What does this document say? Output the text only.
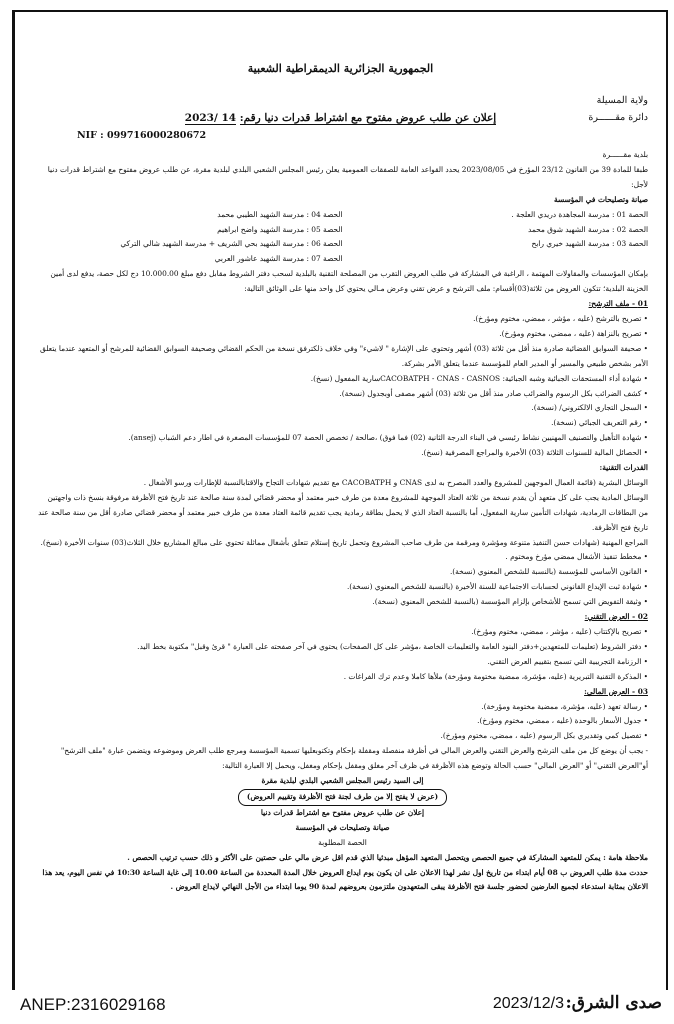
الجمهورية الجزائرية الديمقراطية الشعبية
ولاية المسيلة
دائرة مقــــــرة
إعلان عن طلب عروض مفتوح مع اشتراط قدرات دنيا رقم: 14 /2023
NIF : 099716000280672

بلدية مقــــــرة

طبقا للمادة 39 من القانون 23/12 المؤرخ في 2023/08/05 يحدد القواعد العامة للصفقات العمومية يعلن رئيس المجلس الشعبي البلدي لبلدية مقرة، عن طلب عروض مفتوح مع اشتراط قدرات دنيا لأجل:

صيانة وتصليحات في المؤسسة

الحصة 01 : مدرسة المجاهدة دريدي العلجة .
الحصة 04 : مدرسة الشهيد الطيبي محمد
الحصة 02 : مدرسة الشهيد شوق محمد
الحصة 05 : مدرسة الشهيد واضح ابراهيم
الحصة 03 : مدرسة الشهيد خيري رابح
الحصة 06 : مدرسة الشهيد بحي الشريف + مدرسة الشهيد شالي التركي
الحصة 07 : مدرسة الشهيد عاشور العربي

بإمكان المؤسسات والمقاولات المهتمة ، الراغبة في المشاركة في طلب العروض التقرب من المصلحة التقنية بالبلدية لسحب دفتر الشروط مقابل دفع مبلغ 10.000.00 دج لكل حصة، يدفع لدى أمين الخزينة البلدية؛ تتكون العروض من ثلاثة(03)أقسام: ملف الترشح و عرض تقني وعرض مـالي يحتوي كل واحد منها على الوثائق التالية:

01 - ملف الترشح:

• تصريح بالترشح (عليه ، مؤشر ، ممضي، مختوم ومؤرخ).

• تصريح بالنزاهة (عليه ، ممضي، مختوم ومؤرخ).

• صحيفة السوابق القضائية صادرة منذ أقل من ثلاثة (03) أشهر وتحتوي على الإشارة " لاشيء" وفي خلاف ذلكترفق نسخة من الحكم القضائي وصحيفة السوابق القضائية للمرشح أو المتعهد عندما يتعلق الأمر بشخص طبيعي والمسير أو المدير العام للمؤسسة عندما يتعلق الأمر بشركة.

• شهادة أداء المستحقات الجبائية وشبه الجبائية: CACOBATPH - CNAS - CASNOSسارية المفعول (نسخ).

• كشف الضرائب بكل الرسوم والضرائب صادر منذ أقل من ثلاثة (03) أشهر مصفى أوبجدول (نسخة).

• السجل التجاري الالكتروني/ (نسخة).

• رقم التعريف الجبائي (نسخة).

• شهادة التأهيل والتصنيف المهنيين نشاط رئيسي في البناء الدرجة الثانية (02) فما فوق) ،صالحة / تخصص الحصة 07 للمؤسسات المصغرة في اطار دعم الشباب (ansej).

• الحصائل المالية للسنوات الثلاثة (03) الأخيرة والمراجع المصرفية (نسخ).

القدرات التقنية:

الوسائل البشرية (قائمة العمال الموجهين للمشروع والعدد المصرح به لدى CNAS و CACOBATPH مع تقديم شهادات التجاح والاقتابالنسبة للإطارات ورسو الأشغال .

الوسائل المادية يجب على كل متعهد أن يقدم نسخة من ثلاثة العتاد الموجهة للمشروع معدة من طرف خبير معتمد أو محضر قضائي لمدة سنة صالحة عند تاريخ فتح الأظرفة مرفوقة بنسخ ذات واجهتين من البطاقات الرمادية، شهادات التأمين سارية المفعول، أما بالنسبة العتاد الذي لا يحمل بطاقة رمادية يجب تقديم قائمة العتاد معدة من طرف خبير معتمد أو محضر قضائي صادرة أقل من سنة صالحة عند تاريخ فتح الأظرفة.

المراجع المهنية (شهادات حسن التنفيذ متنوعة ومؤشرة ومرقمة من طرف صاحب المشروع وتحمل تاريخ إستلام تتعلق بأشغال مماثلة تحتوي على مبالغ المشاريع خلال الثلاث(03) سنوات الأخيرة (نسخ).

• مخطط تنفيذ الأشغال ممضي مؤرخ ومختوم .

• القانون الأساسي للمؤسسة (بالنسبة للشخص المعنوي (نسخة).

• شهادة ثبت الإيداع القانوني لحسابات الاجتماعية للسنة الأخيرة (بالنسبة للشخص المعنوي (نسخة).

• وثيقة التفويض التي تسمح للأشخاص بإلزام المؤسسة (بالنسبة للشخص المعنوي (نسخة).

02 - العرض التقني:

• تصريح بالإكتتاب (عليه ، مؤشر ، ممضي، مختوم ومؤرخ).

• دفتر الشروط (تعليمات للمتعهدين+دفتر البنود العامة والتعليمات الخاصة ،مؤشر على كل الصفحات) يحتوي في آخر صفحته على العبارة " قرئ وقبل" مكتوبة بخط اليد.

• الرزنامة التجريبية التي تسمح بتقييم العرض التقني.

• المذكرة التقنية التبريرية (عليه، مؤشرة، ممضية مختومة ومؤرخة) ملأها كاملا وعدم ترك الفراغات .

03 - العرض المالي:

• رسالة تعهد (عليه، مؤشرة، ممضية مختومة ومؤرخة).

• جدول الأسعار بالوحدة (عليه ، ممضي، مختوم ومؤرخ).

• تفصيل كمي وتقديري بكل الرسوم (عليه ، ممضي، مختوم ومؤرخ).

- يجب أن يوضع كل من ملف الترشح والعرض التقني والعرض المالي في أظرفة منفصلة ومقفلة بإحكام وتكتوبعليها تسمية المؤسسة ومرجع طلب العرض وموضوعه ويتضمن عبارة "ملف الترشح" أو"العرض التقني" أو "العرض المالي" حسب الحالة وتوضع هذه الأظرفة في ظرف آخر مغلق ومقفل بإحكام ومغفل، ويحمل إلا العبارة التالية:

إلى السيد رئيس المجلس الشعبي البلدي لبلدية مقرة

(عرض لا يفتح إلا من طرف لجنة فتح الأظرفة وتقييم العروض)

إعلان عن طلب عروض مفتوح مع اشتراط قدرات دنيا

صيانة وتصليحات في المؤسسة

الحصة المطلوبة

ملاحظة هامة : يمكن للمتعهد المشاركة في جميع الحصص ويتحصل المتعهد المؤهل مبدئيا الذي قدم اقل عرض مالي على حصتين على الأكثر و ذلك حسب ترتيب الحصص .

حددت مدة طلب العروض ب 08 أيام ابتداء من تاريخ اول نشر لهذا الاعلان على ان يكون يوم ايداع العروض خلال المدة المحددة من الساعة 10.00 إلى غاية الساعة 10:30 في نفس اليوم، يعد هذا الاعلان بمثابة استدعاء لجميع العارضين لحضور جلسة فتح الأظرفة يبقى المتعهدون ملتزمون بعروضهم لمدة 90 يوما ابتداء من الأجل النهائي لايداع العروض .

ANEP:2316029168	2023/12/3 صدى الشرق:
